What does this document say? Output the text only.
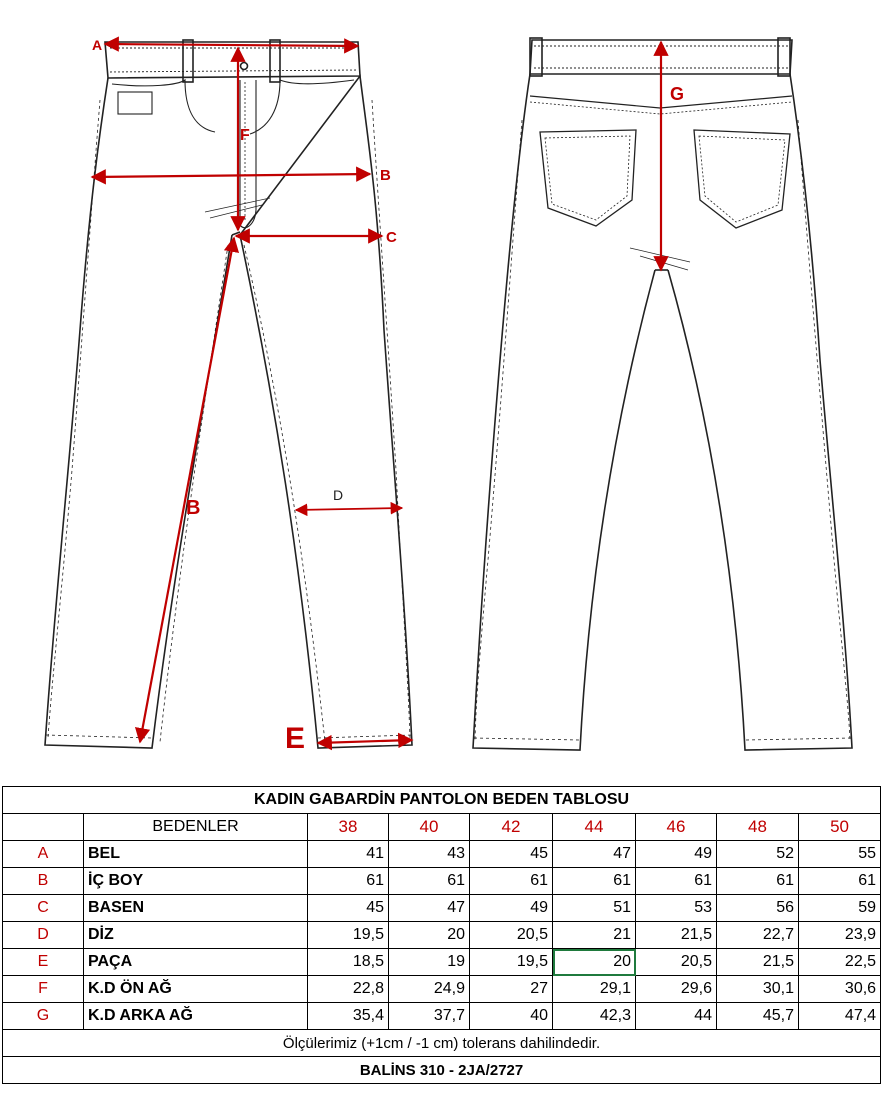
A
F
B
C
B
D
E
G
KADIN GABARDİN PANTOLON BEDEN TABLOSU								
	BEDENLER	38	40	42	44	46	48	50
A	BEL	41	43	45	47	49	52	55
B	İÇ BOY	61	61	61	61	61	61	61
C	BASEN	45	47	49	51	53	56	59
D	DİZ	19,5	20	20,5	21	21,5	22,7	23,9
E	PAÇA	18,5	19	19,5	20	20,5	21,5	22,5
F	K.D ÖN AĞ	22,8	24,9	27	29,1	29,6	30,1	30,6
G	K.D ARKA AĞ	35,4	37,7	40	42,3	44	45,7	47,4
Ölçülerimiz (+1cm / -1 cm) tolerans dahilindedir.								
BALİNS 310 - 2JA/2727								
